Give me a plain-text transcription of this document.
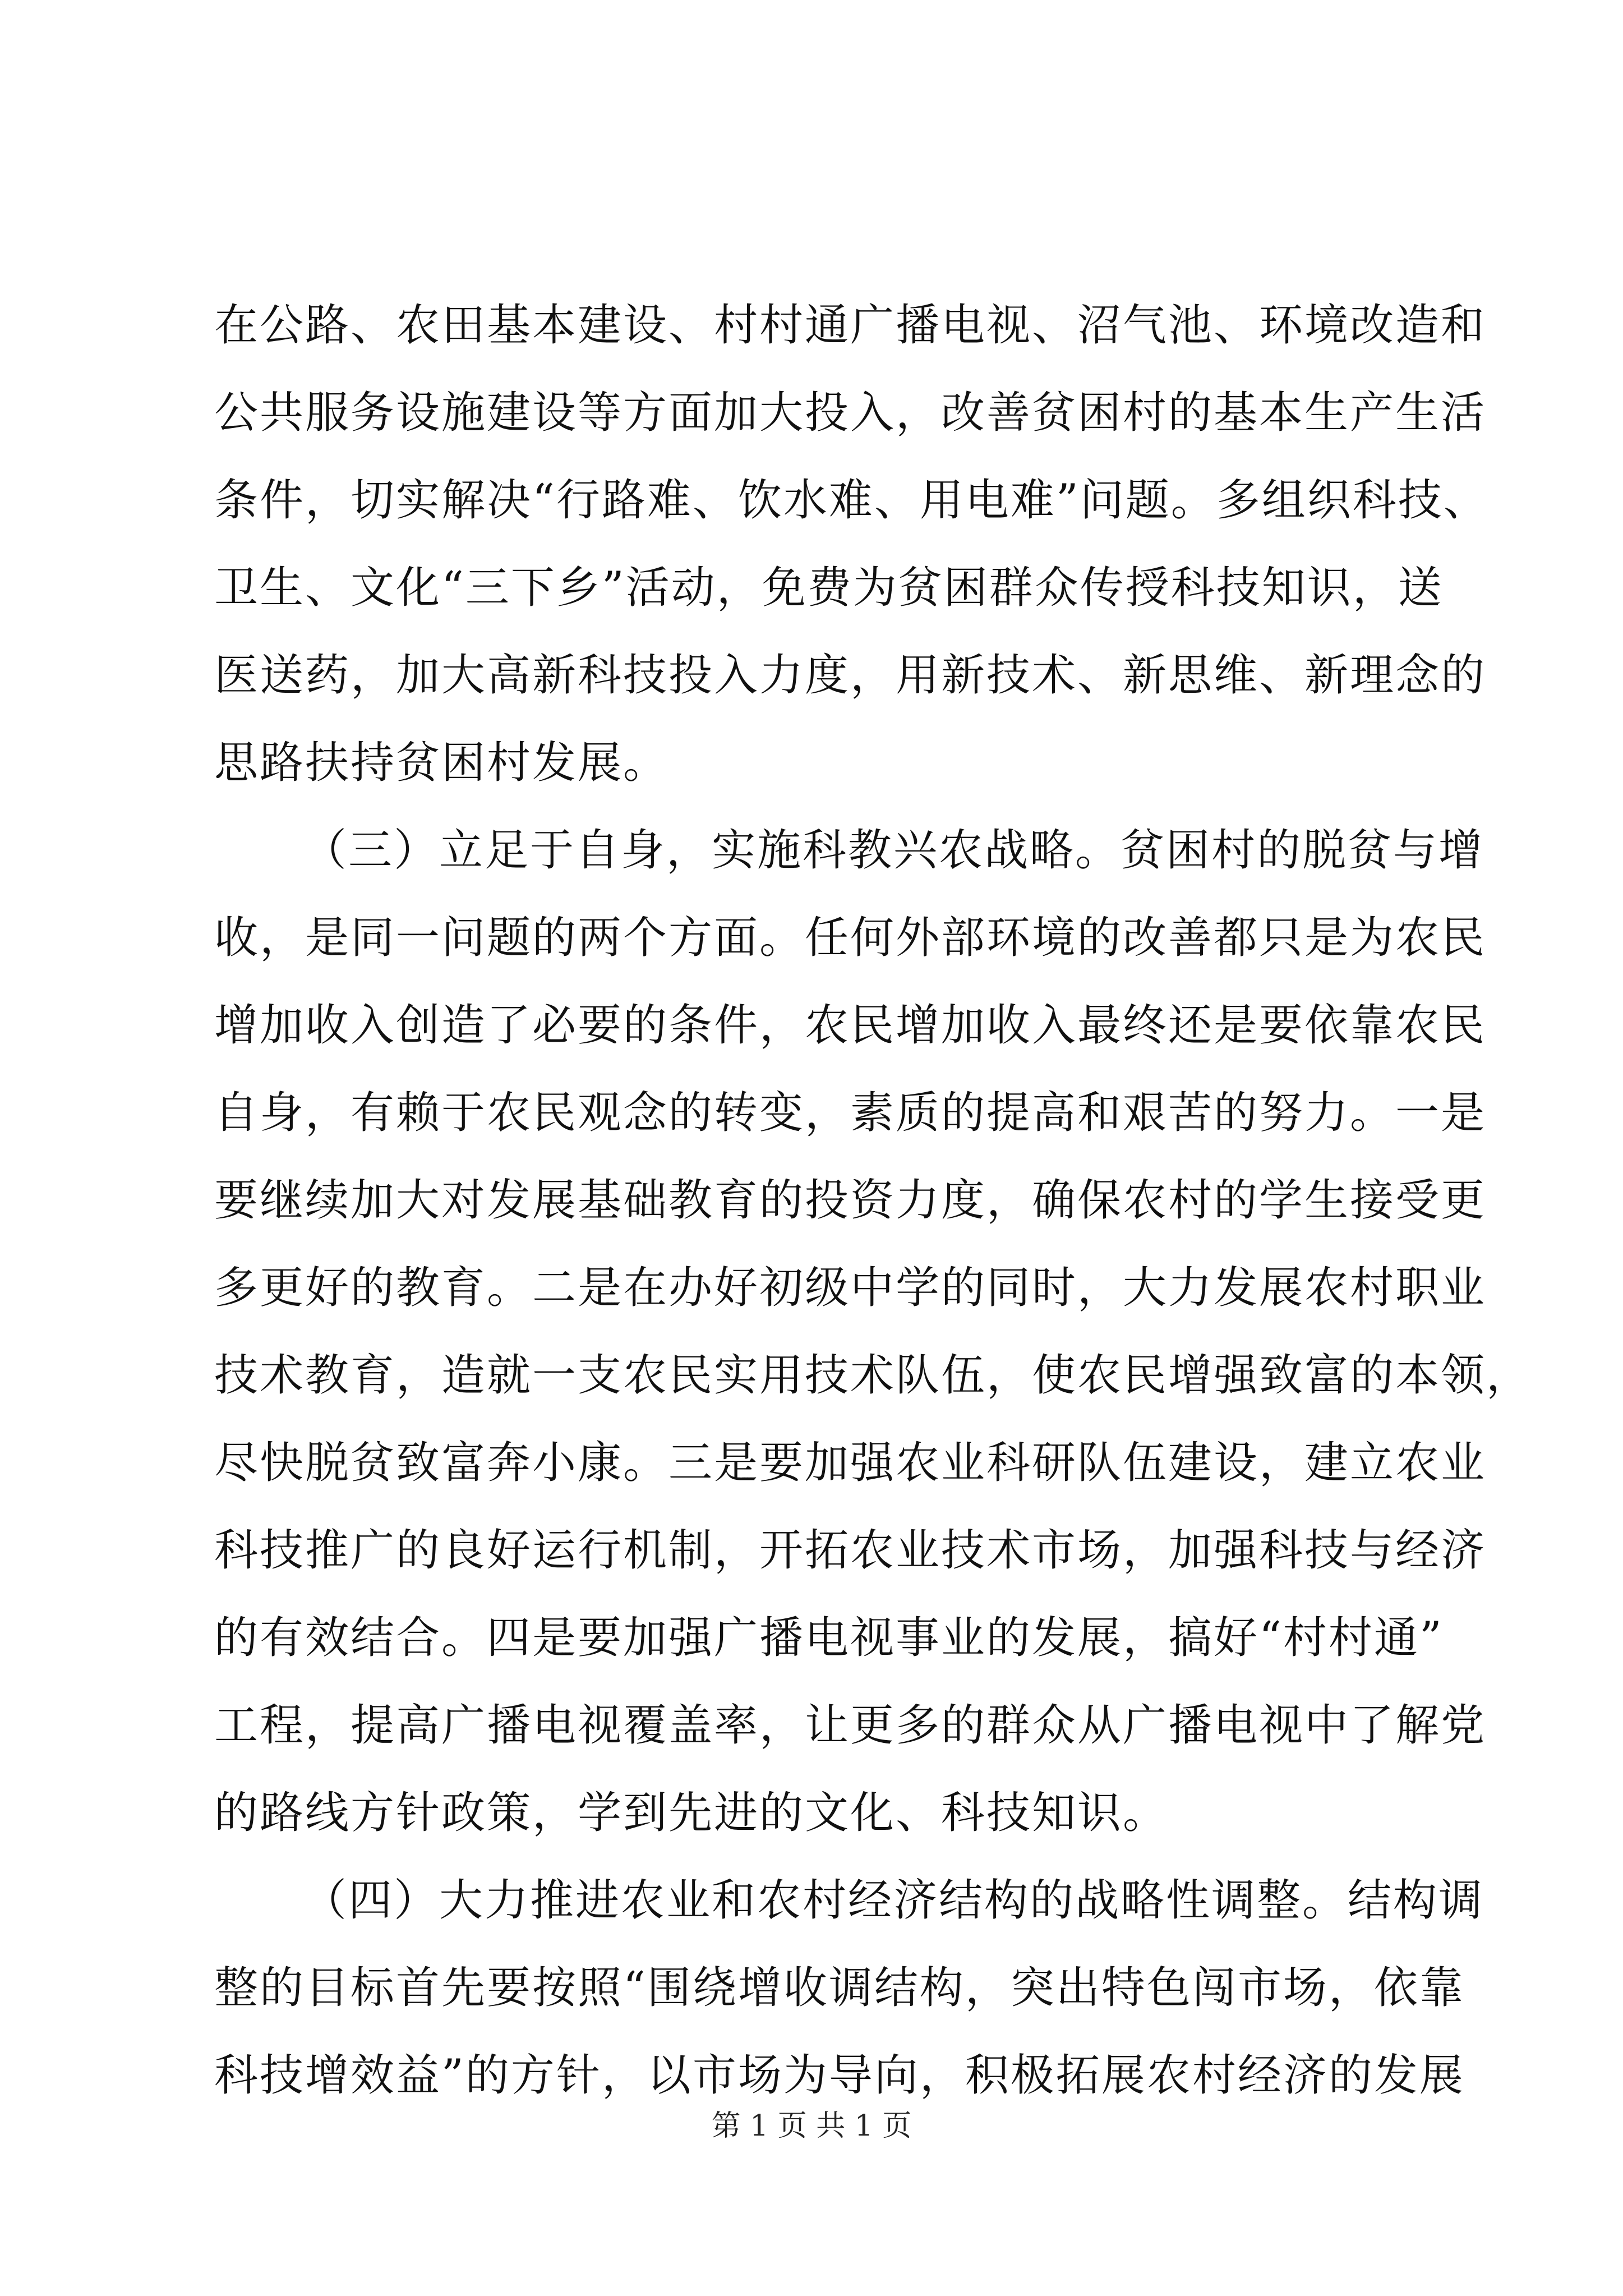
在公路、农田基本建设、村村通广播电视、沼气池、环境改造和
公共服务设施建设等方面加大投入，改善贫困村的基本生产生活
条件，切实解决“行路难、饮水难、用电难”问题。多组织科技、
卫生、文化“三下乡”活动，免费为贫困群众传授科技知识，送
医送药，加大高新科技投入力度，用新技术、新思维、新理念的
思路扶持贫困村发展。
（三）立足于自身，实施科教兴农战略。贫困村的脱贫与增
收，是同一问题的两个方面。任何外部环境的改善都只是为农民
增加收入创造了必要的条件，农民增加收入最终还是要依靠农民
自身，有赖于农民观念的转变，素质的提高和艰苦的努力。一是
要继续加大对发展基础教育的投资力度，确保农村的学生接受更
多更好的教育。二是在办好初级中学的同时，大力发展农村职业
技术教育，造就一支农民实用技术队伍，使农民增强致富的本领，
尽快脱贫致富奔小康。三是要加强农业科研队伍建设，建立农业
科技推广的良好运行机制，开拓农业技术市场，加强科技与经济
的有效结合。四是要加强广播电视事业的发展，搞好“村村通”
工程，提高广播电视覆盖率，让更多的群众从广播电视中了解党
的路线方针政策，学到先进的文化、科技知识。
（四）大力推进农业和农村经济结构的战略性调整。结构调
整的目标首先要按照“围绕增收调结构，突出特色闯市场，依靠
科技增效益”的方针，以市场为导向，积极拓展农村经济的发展
第 1 页 共 1 页
